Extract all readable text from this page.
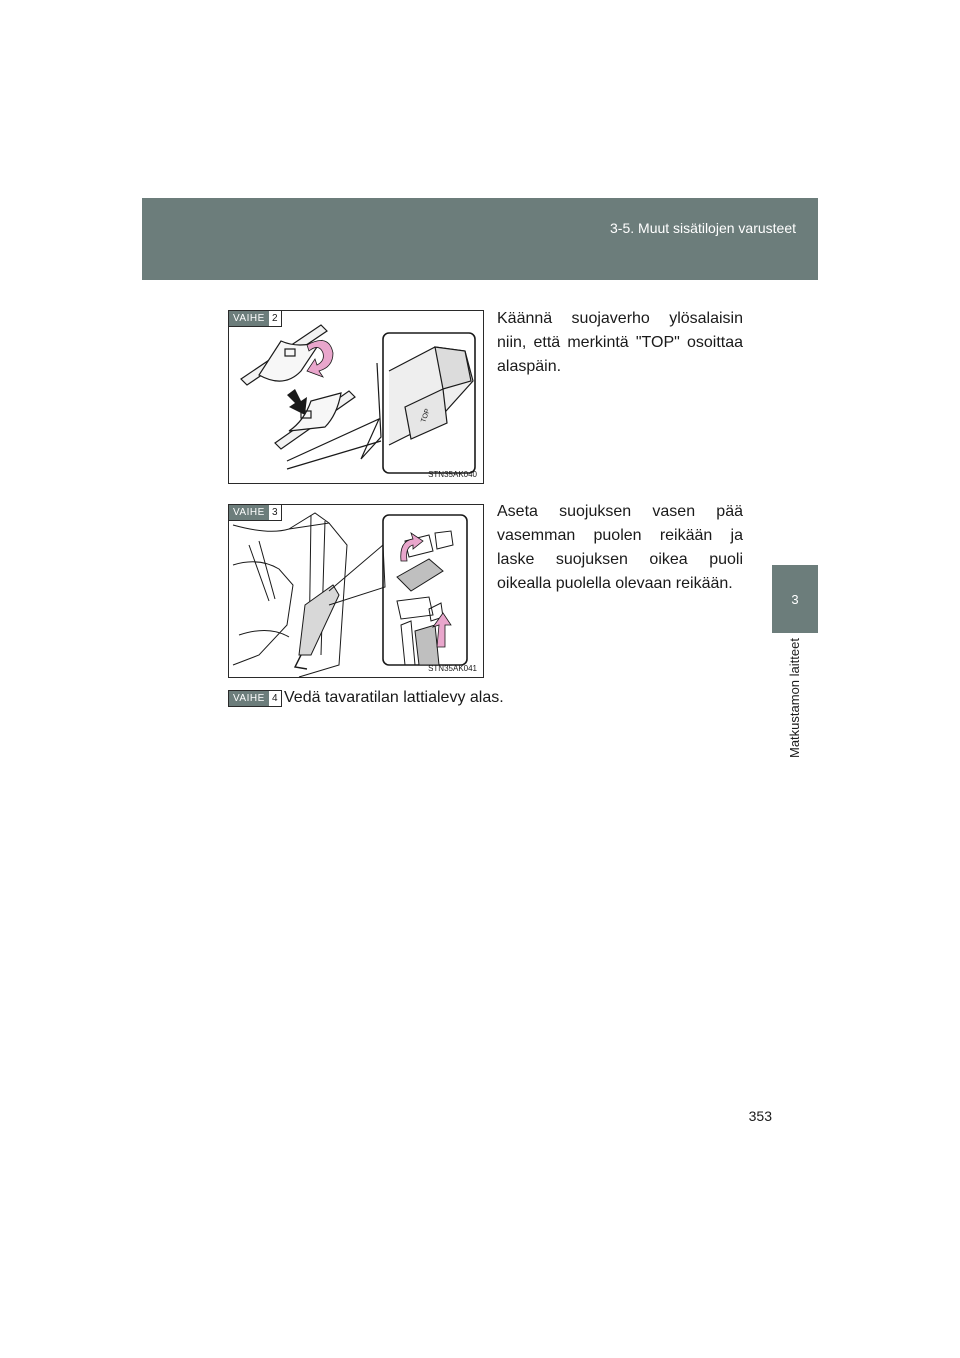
3-5. Muut sisätilojen varusteet
3
Matkustamon laitteet
TOP
VAIHE 2
STN35AK040
Käännä suojaverho ylösalaisin niin, että merkintä "TOP" osoittaa alaspäin.
VAIHE 3
STN35AK041
Aseta suojuksen vasen pää vasemman puolen reikään ja laske suojuksen oikea puoli oikealla puolella olevaan reikään.
VAIHE 4 Vedä tavaratilan lattialevy alas.
353
